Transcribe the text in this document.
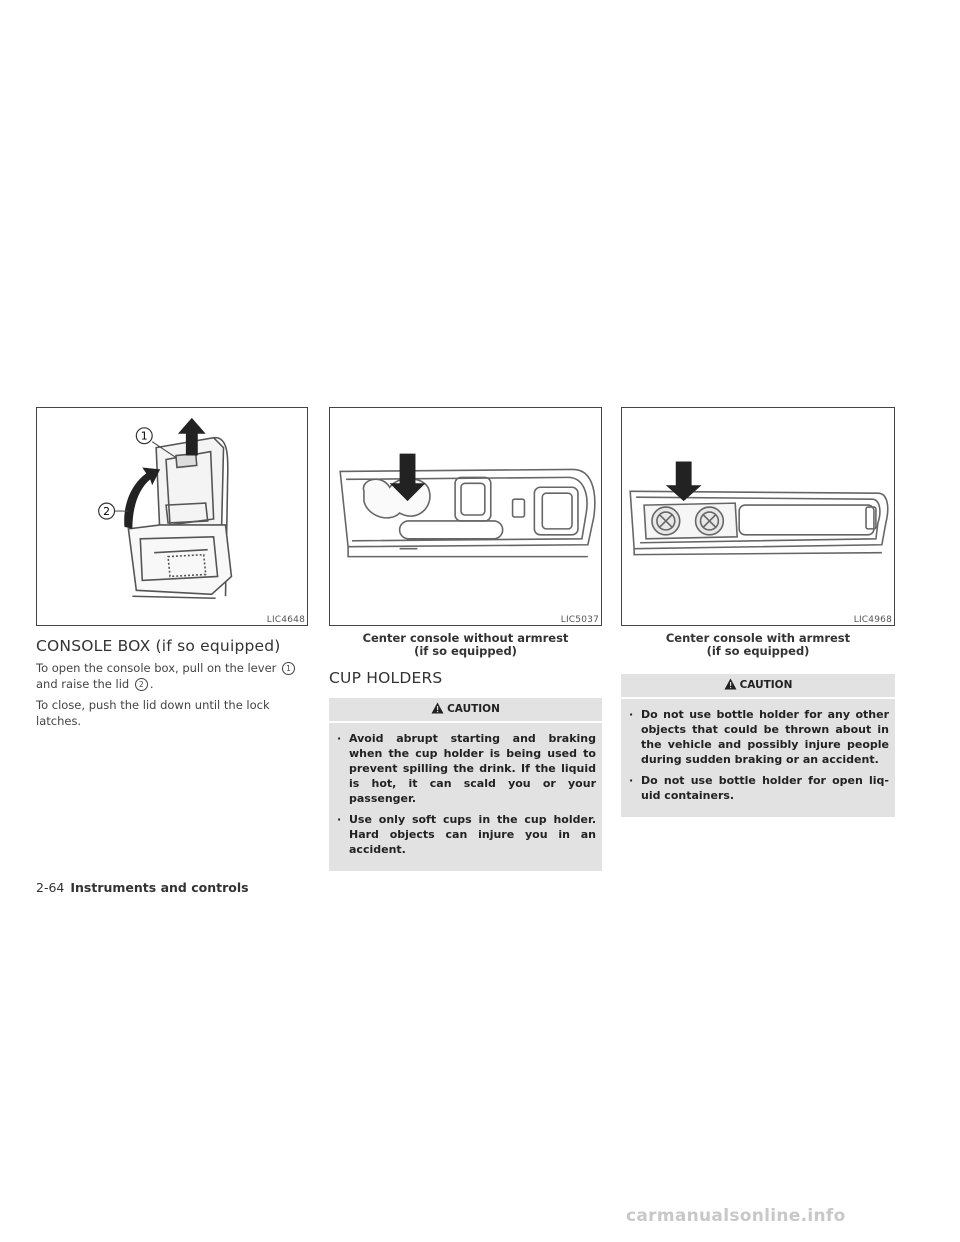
1
2
LIC4648
CONSOLE BOX (if so equipped)

To open the console box, pull on the lever 1 and raise the lid 2 .

To close, push the lid down until the lock latches.

LIC5037
Center console without armrest
(if so equipped)
CUP HOLDERS
CAUTION
· Avoid abrupt starting and braking when the cup holder is being used to prevent spilling the drink. If the liquid is hot, it can scald you or your passenger.
· Use only soft cups in the cup holder. Hard objects can injure you in an accident.
LIC4968
Center console with armrest
(if so equipped)
CAUTION
· Do not use bottle holder for any other objects that could be thrown about in the vehicle and possibly injure people during sudden braking or an accident.
· Do not use bottle holder for open liq-uid containers.
2-64 Instruments and controls
carmanualsonline.info
